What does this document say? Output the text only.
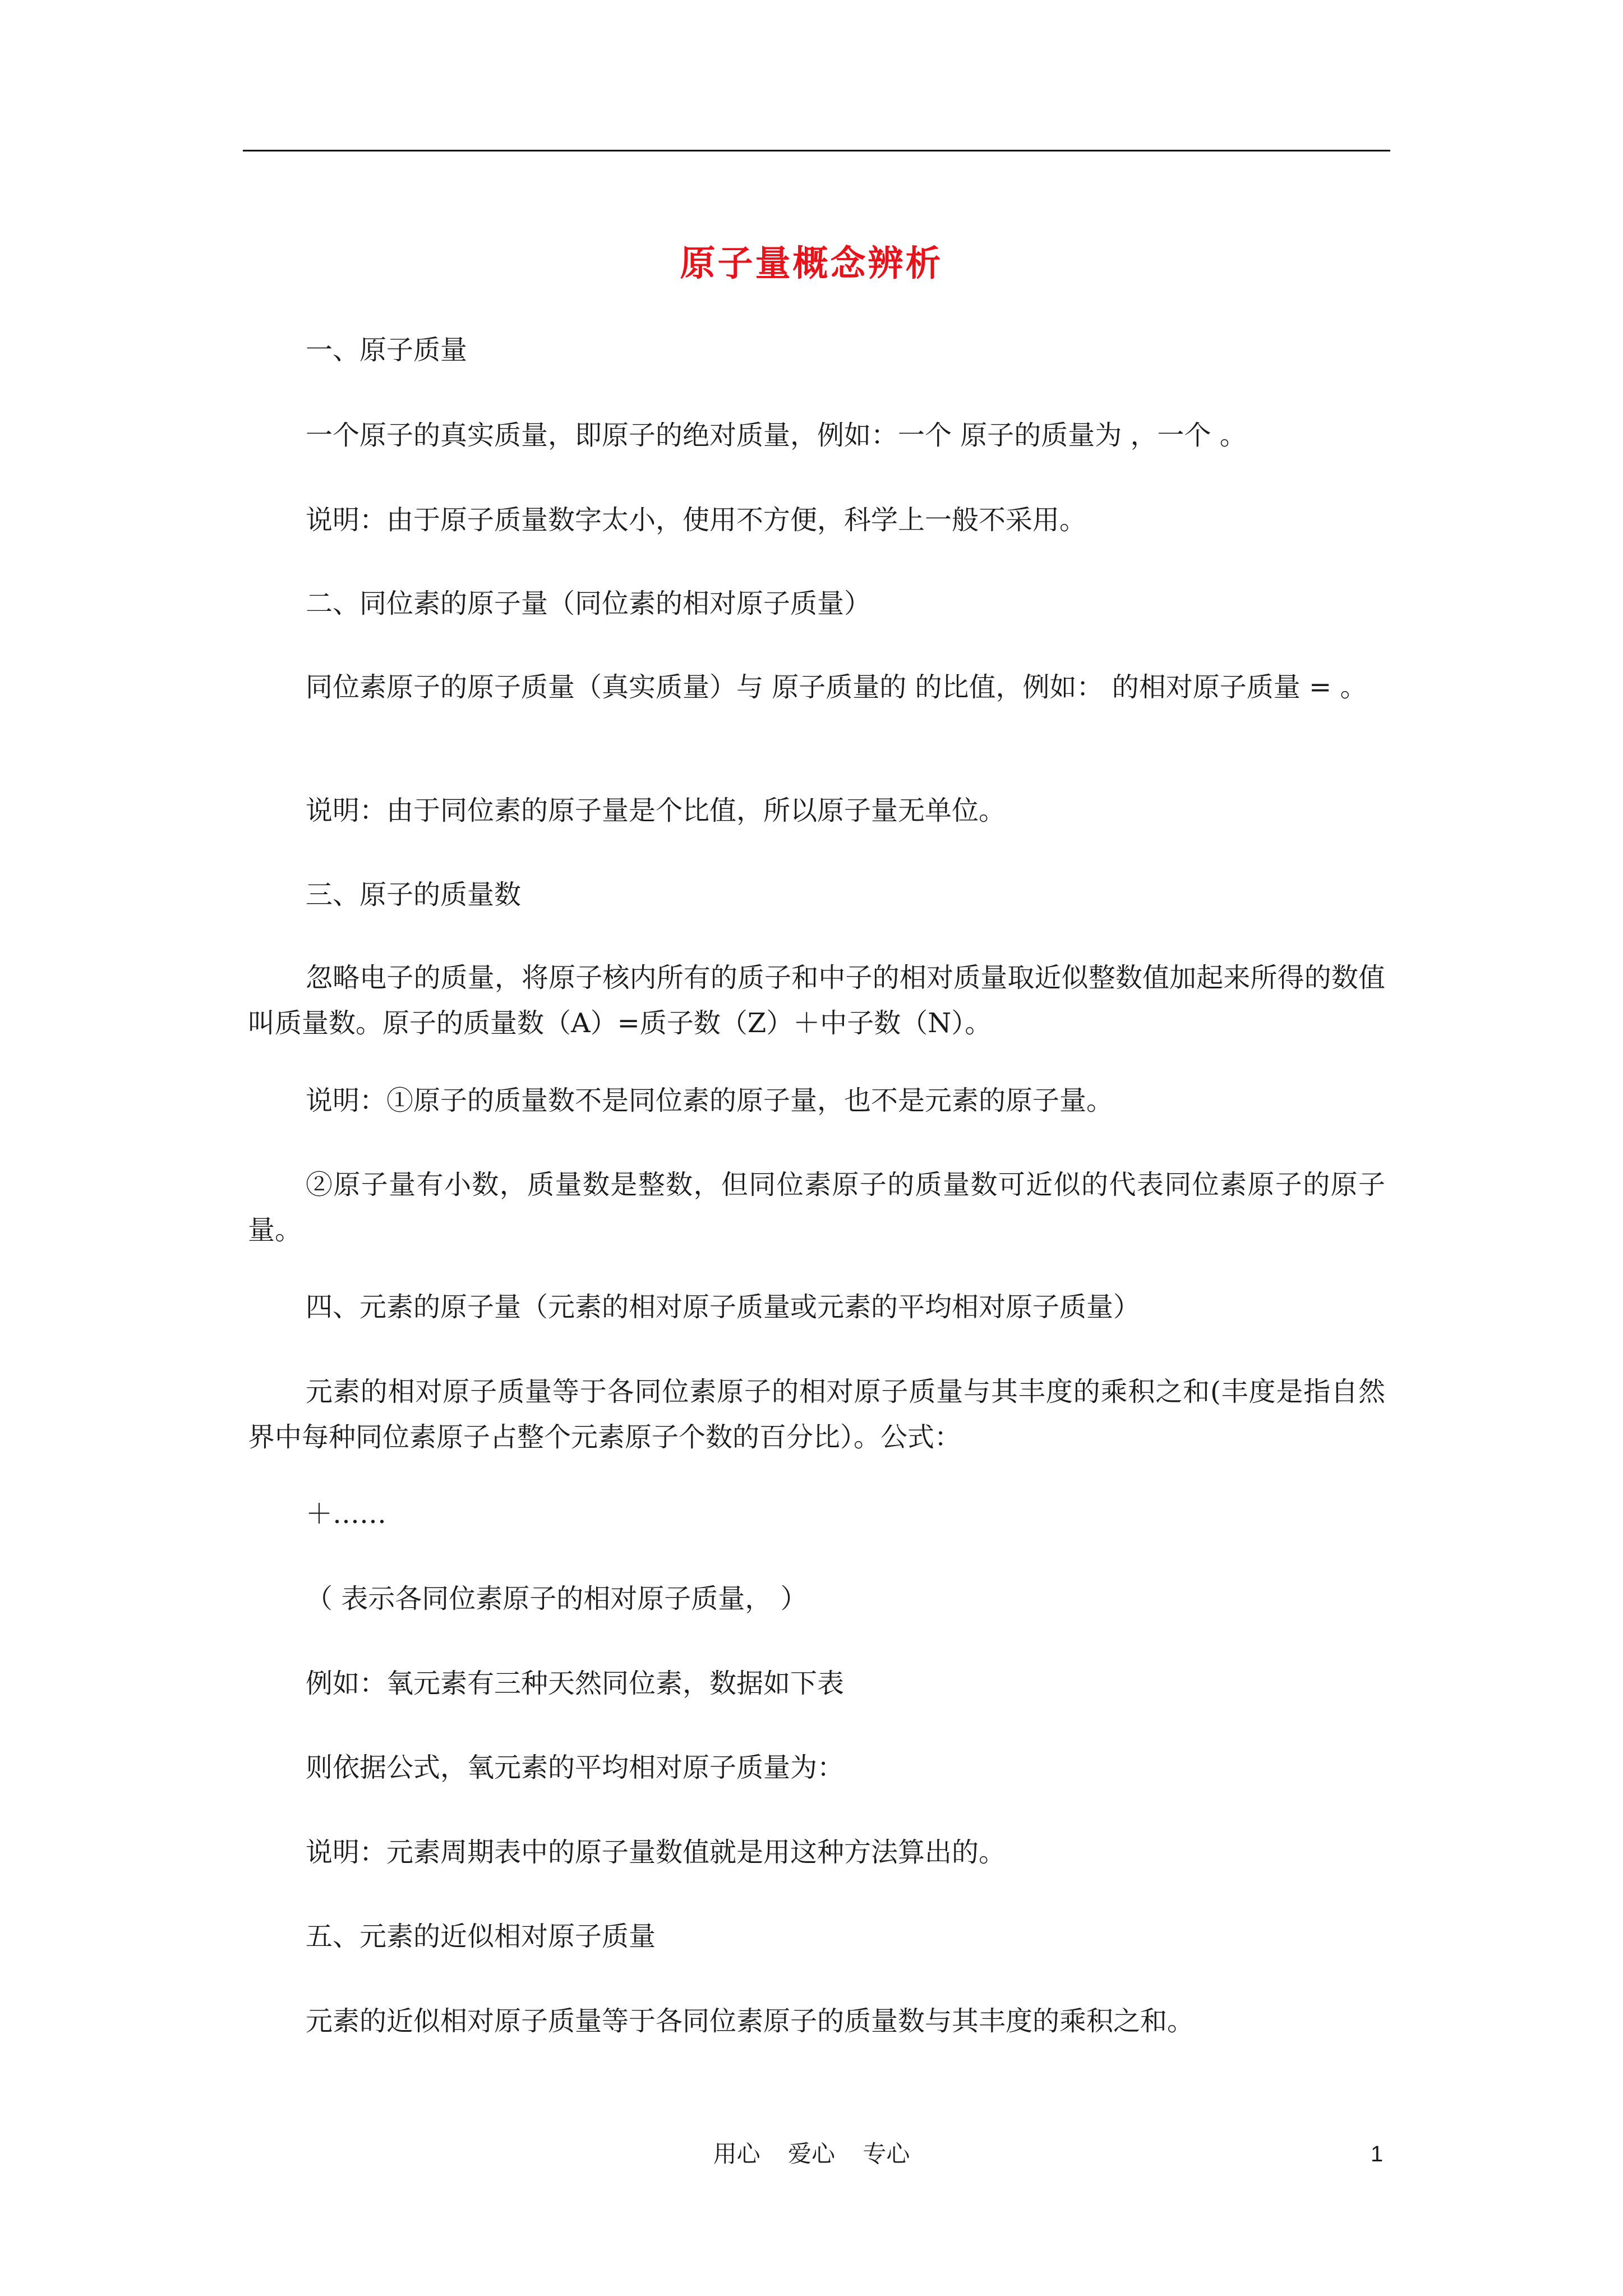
原子量概念辨析

一、原子质量

一个原子的真实质量，即原子的绝对质量，例如：一个 原子的质量为 ，一个 。

说明：由于原子质量数字太小，使用不方便，科学上一般不采用。

二、同位素的原子量（同位素的相对原子质量）

同位素原子的原子质量（真实质量）与 原子质量的 的比值，例如： 的相对原子质量 = 。

说明：由于同位素的原子量是个比值，所以原子量无单位。

三、原子的质量数

忽略电子的质量，将原子核内所有的质子和中子的相对质量取近似整数值加起来所得的数值叫质量数。原子的质量数（A）=质子数（Z）＋中子数（N）。

说明：①原子的质量数不是同位素的原子量，也不是元素的原子量。

②原子量有小数，质量数是整数，但同位素原子的质量数可近似的代表同位素原子的原子量。

四、元素的原子量（元素的相对原子质量或元素的平均相对原子质量）

元素的相对原子质量等于各同位素原子的相对原子质量与其丰度的乘积之和(丰度是指自然界中每种同位素原子占整个元素原子个数的百分比）。公式：

＋……

（ 表示各同位素原子的相对原子质量， ）

例如：氧元素有三种天然同位素，数据如下表

则依据公式，氧元素的平均相对原子质量为：

说明：元素周期表中的原子量数值就是用这种方法算出的。

五、元素的近似相对原子质量

元素的近似相对原子质量等于各同位素原子的质量数与其丰度的乘积之和。

用心 爱心 专心	1
